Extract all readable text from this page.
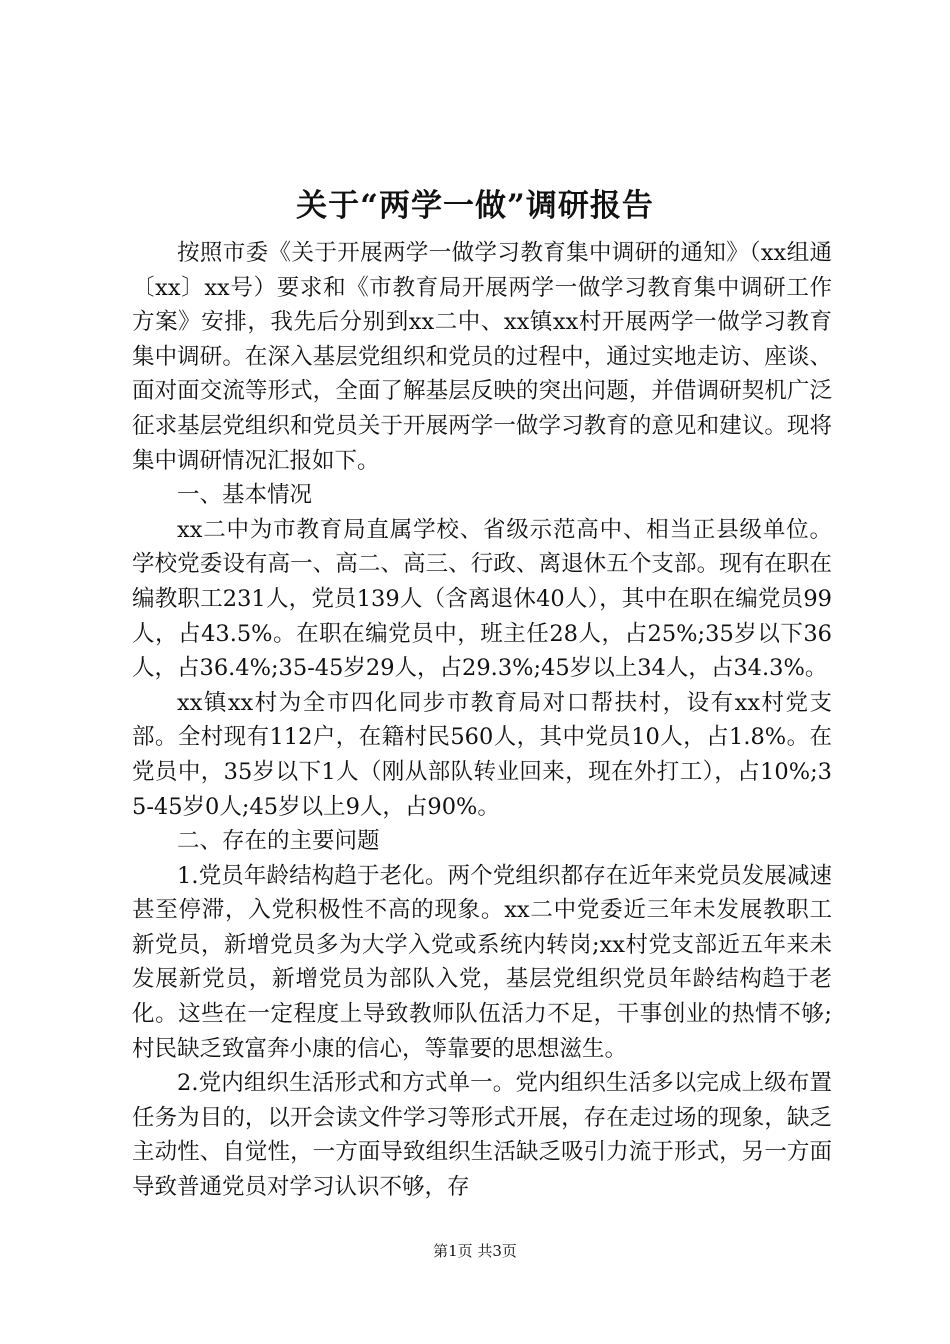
关于“两学一做”调研报告

按照市委《关于开展两学一做学习教育集中调研的通知》（xx组通〔xx〕xx号）要求和《市教育局开展两学一做学习教育集中调研工作方案》安排，我先后分别到xx二中、xx镇xx村开展两学一做学习教育集中调研。在深入基层党组织和党员的过程中，通过实地走访、座谈、面对面交流等形式，全面了解基层反映的突出问题，并借调研契机广泛征求基层党组织和党员关于开展两学一做学习教育的意见和建议。现将集中调研情况汇报如下。

一、基本情况

xx二中为市教育局直属学校、省级示范高中、相当正县级单位。学校党委设有高一、高二、高三、行政、离退休五个支部。现有在职在编教职工231人，党员139人（含离退休40人），其中在职在编党员99人，占43.5%。在职在编党员中，班主任28人，占25%;35岁以下36人，占36.4%;35-45岁29人，占29.3%;45岁以上34人，占34.3%。

xx镇xx村为全市四化同步市教育局对口帮扶村，设有xx村党支部。全村现有112户，在籍村民560人，其中党员10人，占1.8%。在党员中，35岁以下1人（刚从部队转业回来，现在外打工），占10%;35-45岁0人;45岁以上9人，占90%。

二、存在的主要问题

1.党员年龄结构趋于老化。两个党组织都存在近年来党员发展减速甚至停滞，入党积极性不高的现象。xx二中党委近三年未发展教职工新党员，新增党员多为大学入党或系统内转岗;xx村党支部近五年来未发展新党员，新增党员为部队入党，基层党组织党员年龄结构趋于老化。这些在一定程度上导致教师队伍活力不足，干事创业的热情不够;村民缺乏致富奔小康的信心，等靠要的思想滋生。

2.党内组织生活形式和方式单一。党内组织生活多以完成上级布置任务为目的，以开会读文件学习等形式开展，存在走过场的现象，缺乏主动性、自觉性，一方面导致组织生活缺乏吸引力流于形式，另一方面导致普通党员对学习认识不够，存

第1页 共3页
